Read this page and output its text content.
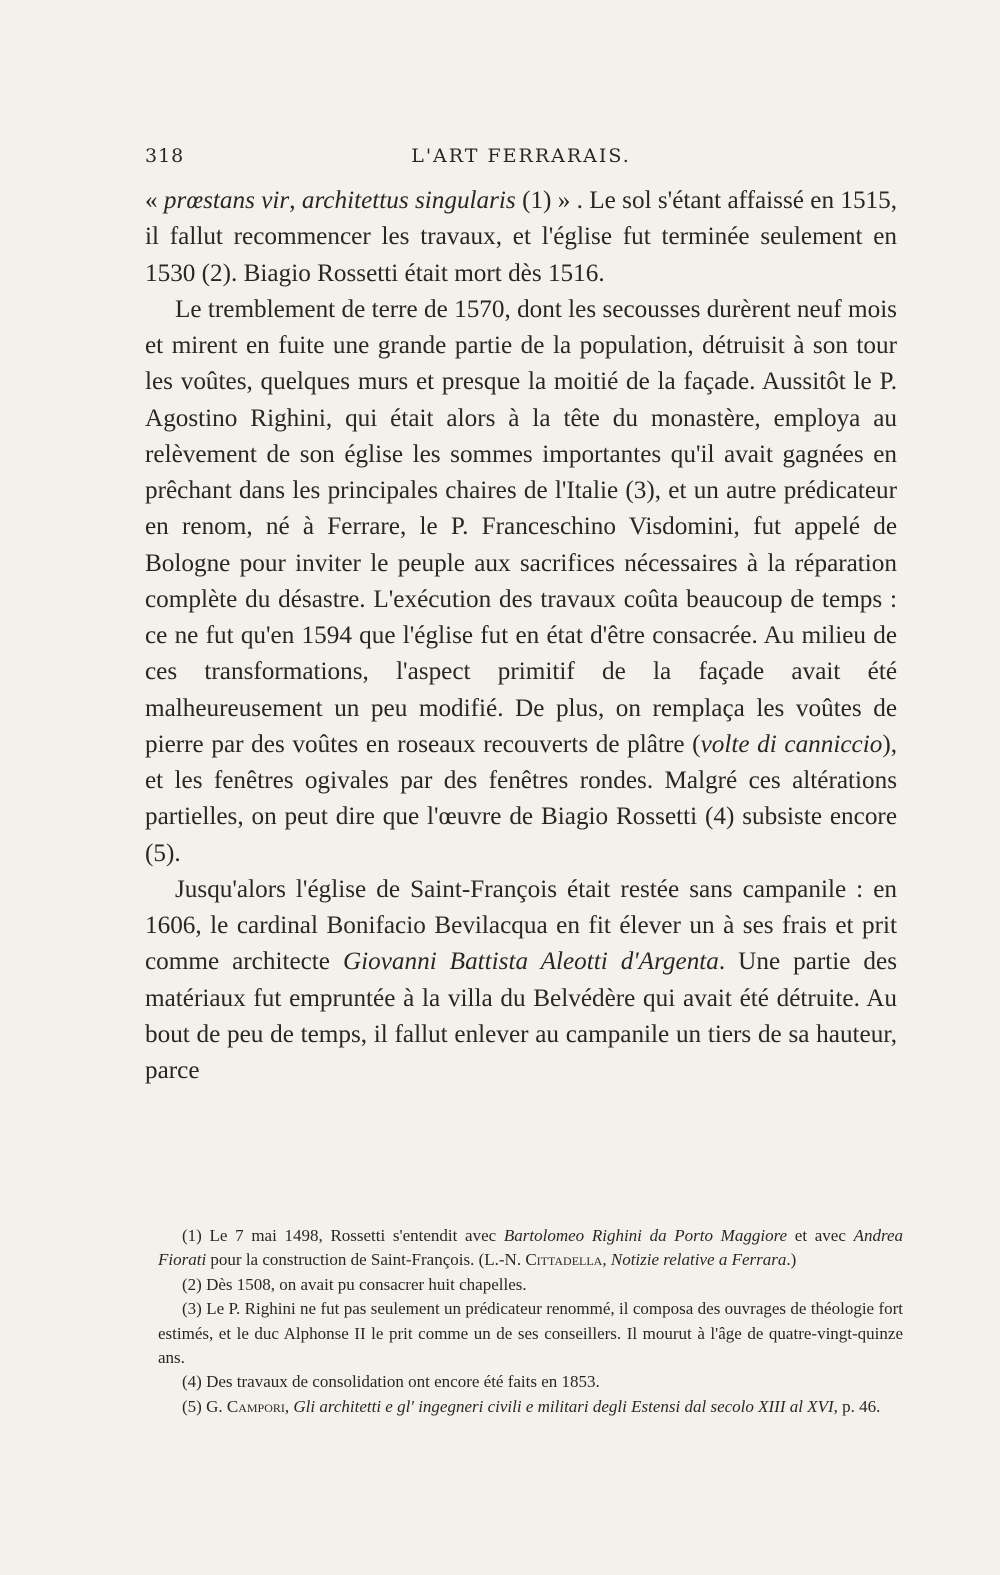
318	L'ART FERRARAIS.

« prœstans vir, architettus singularis (1) » . Le sol s'étant affaissé en 1515, il fallut recommencer les travaux, et l'église fut terminée seulement en 1530 (2). Biagio Rossetti était mort dès 1516.

Le tremblement de terre de 1570, dont les secousses durèrent neuf mois et mirent en fuite une grande partie de la population, détruisit à son tour les voûtes, quelques murs et presque la moitié de la façade. Aussitôt le P. Agostino Righini, qui était alors à la tête du monastère, employa au relèvement de son église les sommes importantes qu'il avait gagnées en prêchant dans les principales chaires de l'Italie (3), et un autre prédicateur en renom, né à Ferrare, le P. Franceschino Visdomini, fut appelé de Bologne pour inviter le peuple aux sacrifices nécessaires à la réparation complète du désastre. L'exécution des travaux coûta beaucoup de temps : ce ne fut qu'en 1594 que l'église fut en état d'être consacrée. Au milieu de ces transformations, l'aspect primitif de la façade avait été malheureusement un peu modifié. De plus, on remplaça les voûtes de pierre par des voûtes en roseaux recouverts de plâtre (volte di canniccio), et les fenêtres ogivales par des fenêtres rondes. Malgré ces altérations partielles, on peut dire que l'œuvre de Biagio Rossetti (4) subsiste encore (5).

Jusqu'alors l'église de Saint-François était restée sans campanile : en 1606, le cardinal Bonifacio Bevilacqua en fit élever un à ses frais et prit comme architecte Giovanni Battista Aleotti d'Argenta. Une partie des matériaux fut empruntée à la villa du Belvédère qui avait été détruite. Au bout de peu de temps, il fallut enlever au campanile un tiers de sa hauteur, parce

(1) Le 7 mai 1498, Rossetti s'entendit avec Bartolomeo Righini da Porto Maggiore et avec Andrea Fiorati pour la construction de Saint-François. (L.-N. Cittadella, Notizie relative a Ferrara.)

(2) Dès 1508, on avait pu consacrer huit chapelles.

(3) Le P. Righini ne fut pas seulement un prédicateur renommé, il composa des ouvrages de théologie fort estimés, et le duc Alphonse II le prit comme un de ses conseillers. Il mourut à l'âge de quatre-vingt-quinze ans.

(4) Des travaux de consolidation ont encore été faits en 1853.

(5) G. Campori, Gli architetti e gl' ingegneri civili e militari degli Estensi dal secolo XIII al XVI, p. 46.
